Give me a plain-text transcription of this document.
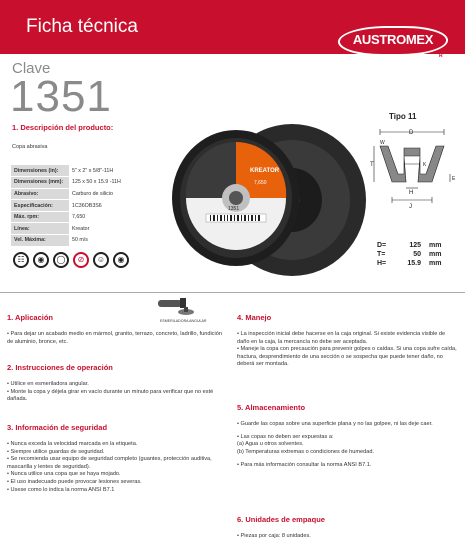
Ficha técnica
AUSTROMEX
R
Clave
1351
1. Descripción del producto:
Copa abrasiva
Dimensiones (in):	5" x 2" x 5/8"-11H
Dimensiones (mm):	125 x 50 x 15.9 -11H
Abrasivo:	Carburo de silicio
Especificación:	1C36OB3S6
Máx. rpm:	7,650
Línea:	Kreator
Vel. Máxima:	50 m/s
☷	◉	◯	⊘	☺	◉
KREATOR
7,650
1351
Tipo 11
D
W
T	K
E
H
J
D=	125 mm
T=	50 mm
H=	15.9 mm
ESMERILADORA ANGULAR
1. Aplicación

• Para dejar un acabado medio en mármol, granito, terrazo, concreto, ladrillo, fundición de aluminio, bronce, etc.

2. Instrucciones de operación

• Utilice en esmeriladora angular.

• Monte la copa y déjela girar en vacío durante un minuto para verificar que no esté dañada.

3. Información de seguridad

• Nunca exceda la velocidad marcada en la etiqueta.

• Siempre utilice guardas de seguridad.

• Se recomienda usar equipo de seguridad completo (guantes, protección auditiva, mascarilla y lentes de seguridad).

• Nunca utilice una copa que se haya mojado.

• El uso inadecuado puede provocar lesiones severas.

• Usese como lo indica la norma ANSI B7.1

4. Manejo

• La inspección inicial debe hacerse en la caja original. Si existe evidencia visible de daño en la caja, la mercancía no debe ser aceptada.

• Maneje la copa con precaución para prevenir golpes o caídas. Si una copa sufre caída, fractura, desprendimiento de una sección o se sospecha que puede tener daño, no deberá ser montada.

5. Almacenamiento

• Guarde las copas sobre una superficie plana y no las golpee, ni las deje caer.

• Las copas no deben ser expuestas a:

(a) Agua u otros solventes.

(b) Temperaturas extremas o condiciones de humedad.

• Para más información consultar la norma ANSI B7.1.

6. Unidades de empaque

• Piezas por caja: 8 unidades.
